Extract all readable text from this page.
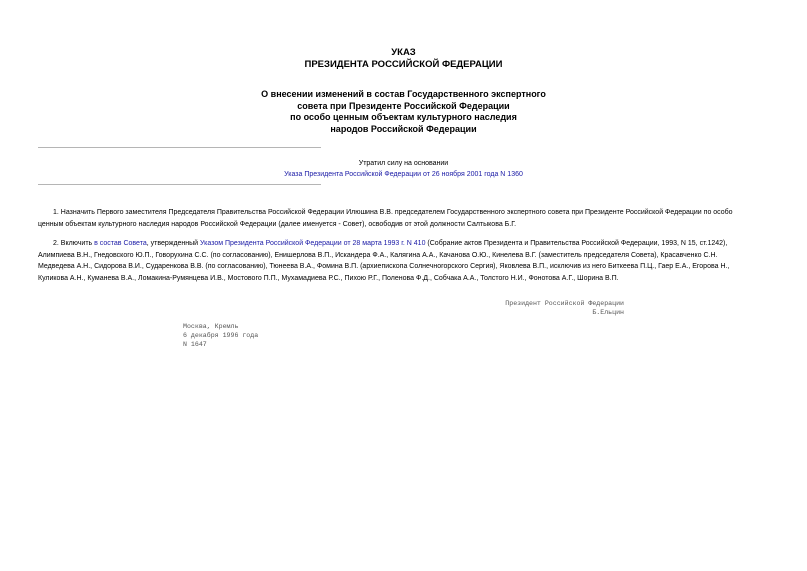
УКАЗ
ПРЕЗИДЕНТА РОССИЙСКОЙ ФЕДЕРАЦИИ
О внесении изменений в состав Государственного экспертного
совета при Президенте Российской Федерации
по особо ценным объектам культурного наследия
народов Российской Федерации
Утратил силу на основании
Указа Президента Российской Федерации от 26 ноября 2001 года N 1360
1. Назначить Первого заместителя Председателя Правительства Российской Федерации Илюшина В.В. председателем Государственного экспертного совета при Президенте Российской Федерации по особо
ценным объектам культурного наследия народов Российской Федерации (далее именуется - Совет), освободив от этой должности Салтыкова Б.Г.
2. Включить в состав Совета, утвержденный Указом Президента Российской Федерации от 28 марта 1993 г. N 410 (Собрание актов Президента и Правительства Российской Федерации, 1993, N 15, ст.1242),
Алимпиева В.Н., Гнедовского Ю.П., Говорухина С.С. (по согласованию), Енишерлова В.П., Искандера Ф.А., Калягина А.А., Качанова О.Ю., Кинелева В.Г. (заместитель председателя Совета), Красавченко С.Н.
Медведева А.Н., Сидорова В.И., Сударенкова В.В. (по согласованию), Тюнеева В.А., Фомина В.П. (архиепископа Солнечногорского Сергия), Яковлева В.П., исключив из него Биткеева П.Ц., Гаер Е.А., Егорова Н.,
Куликова А.Н., Куманева В.А., Ломакина-Румянцева И.В., Мостового П.П., Мухамадиева Р.С., Пихою Р.Г., Поленова Ф.Д., Собчака А.А., Толстого Н.И., Фонотова А.Г., Шорина В.П.
Президент Российской Федерации
Б.Ельцин
Москва, Кремль
6 декабря 1996 года
N 1647
